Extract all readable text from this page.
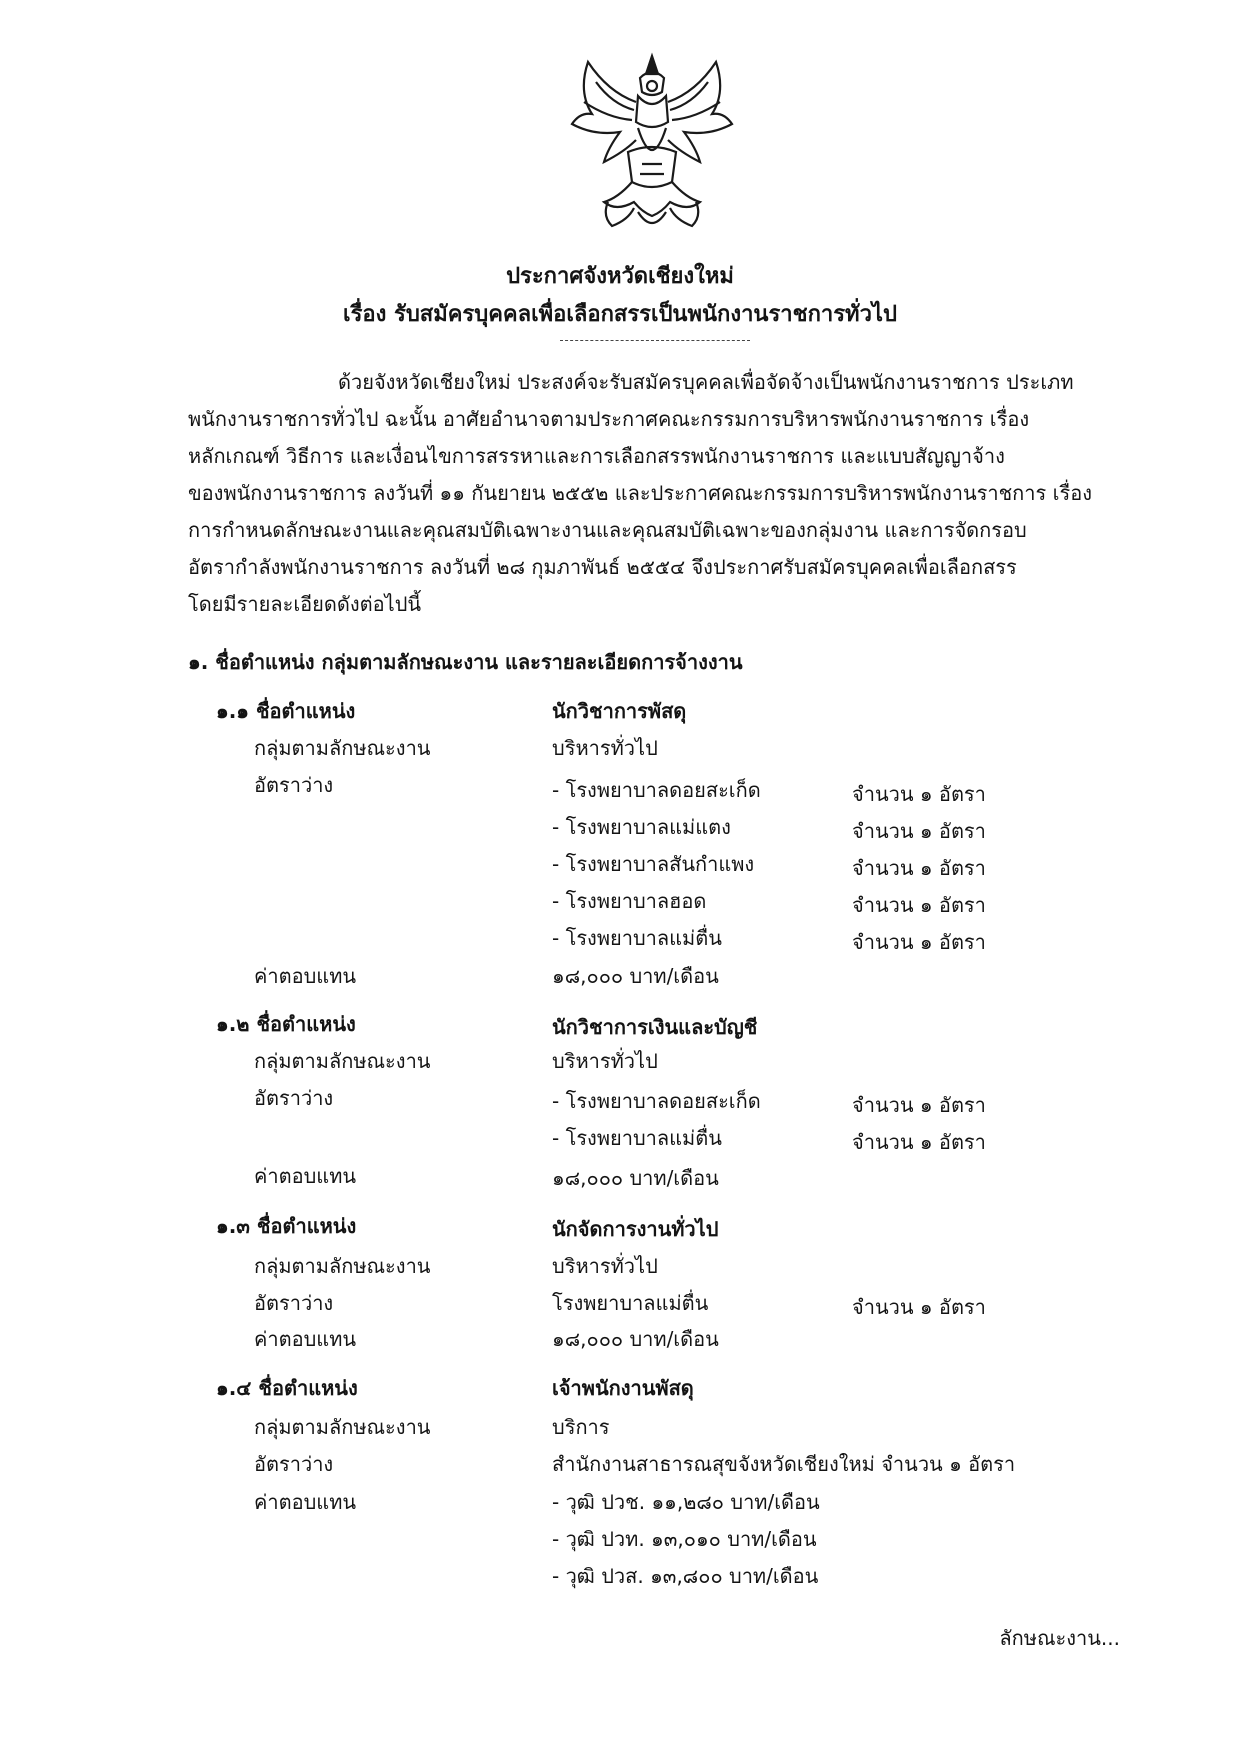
ประกาศจังหวัดเชียงใหม่
เรื่อง รับสมัครบุคคลเพื่อเลือกสรรเป็นพนักงานราชการทั่วไป
ด้วยจังหวัดเชียงใหม่ ประสงค์จะรับสมัครบุคคลเพื่อจัดจ้างเป็นพนักงานราชการ ประเภท
พนักงานราชการทั่วไป ฉะนั้น อาศัยอำนาจตามประกาศคณะกรรมการบริหารพนักงานราชการ เรื่อง
หลักเกณฑ์ วิธีการ และเงื่อนไขการสรรหาและการเลือกสรรพนักงานราชการ และแบบสัญญาจ้าง
ของพนักงานราชการ ลงวันที่ ๑๑ กันยายน ๒๕๕๒ และประกาศคณะกรรมการบริหารพนักงานราชการ เรื่อง
การกำหนดลักษณะงานและคุณสมบัติเฉพาะงานและคุณสมบัติเฉพาะของกลุ่มงาน และการจัดกรอบ
อัตรากำลังพนักงานราชการ ลงวันที่ ๒๘ กุมภาพันธ์ ๒๕๕๔ จึงประกาศรับสมัครบุคคลเพื่อเลือกสรร
โดยมีรายละเอียดดังต่อไปนี้
๑. ชื่อตำแหน่ง กลุ่มตามลักษณะงาน และรายละเอียดการจ้างงาน
๑.๑ ชื่อตำแหน่ง	นักวิชาการพัสดุ
กลุ่มตามลักษณะงาน	บริหารทั่วไป
อัตราว่าง	- โรงพยาบาลดอยสะเก็ด	จำนวน ๑ อัตรา
- โรงพยาบาลแม่แตง	จำนวน ๑ อัตรา
- โรงพยาบาลสันกำแพง	จำนวน ๑ อัตรา
- โรงพยาบาลฮอด	จำนวน ๑ อัตรา
- โรงพยาบาลแม่ตื่น	จำนวน ๑ อัตรา
ค่าตอบแทน	๑๘,๐๐๐ บาท/เดือน
๑.๒ ชื่อตำแหน่ง	นักวิชาการเงินและบัญชี
กลุ่มตามลักษณะงาน	บริหารทั่วไป
อัตราว่าง	- โรงพยาบาลดอยสะเก็ด	จำนวน ๑ อัตรา
- โรงพยาบาลแม่ตื่น	จำนวน ๑ อัตรา
ค่าตอบแทน	๑๘,๐๐๐ บาท/เดือน
๑.๓ ชื่อตำแหน่ง	นักจัดการงานทั่วไป
กลุ่มตามลักษณะงาน	บริหารทั่วไป
อัตราว่าง	โรงพยาบาลแม่ตื่น	จำนวน ๑ อัตรา
ค่าตอบแทน	๑๘,๐๐๐ บาท/เดือน
๑.๔ ชื่อตำแหน่ง	เจ้าพนักงานพัสดุ
กลุ่มตามลักษณะงาน	บริการ
อัตราว่าง	สำนักงานสาธารณสุขจังหวัดเชียงใหม่ จำนวน ๑ อัตรา
ค่าตอบแทน	- วุฒิ ปวช. ๑๑,๒๘๐ บาท/เดือน
- วุฒิ ปวท. ๑๓,๐๑๐ บาท/เดือน
- วุฒิ ปวส. ๑๓,๘๐๐ บาท/เดือน
ลักษณะงาน...
